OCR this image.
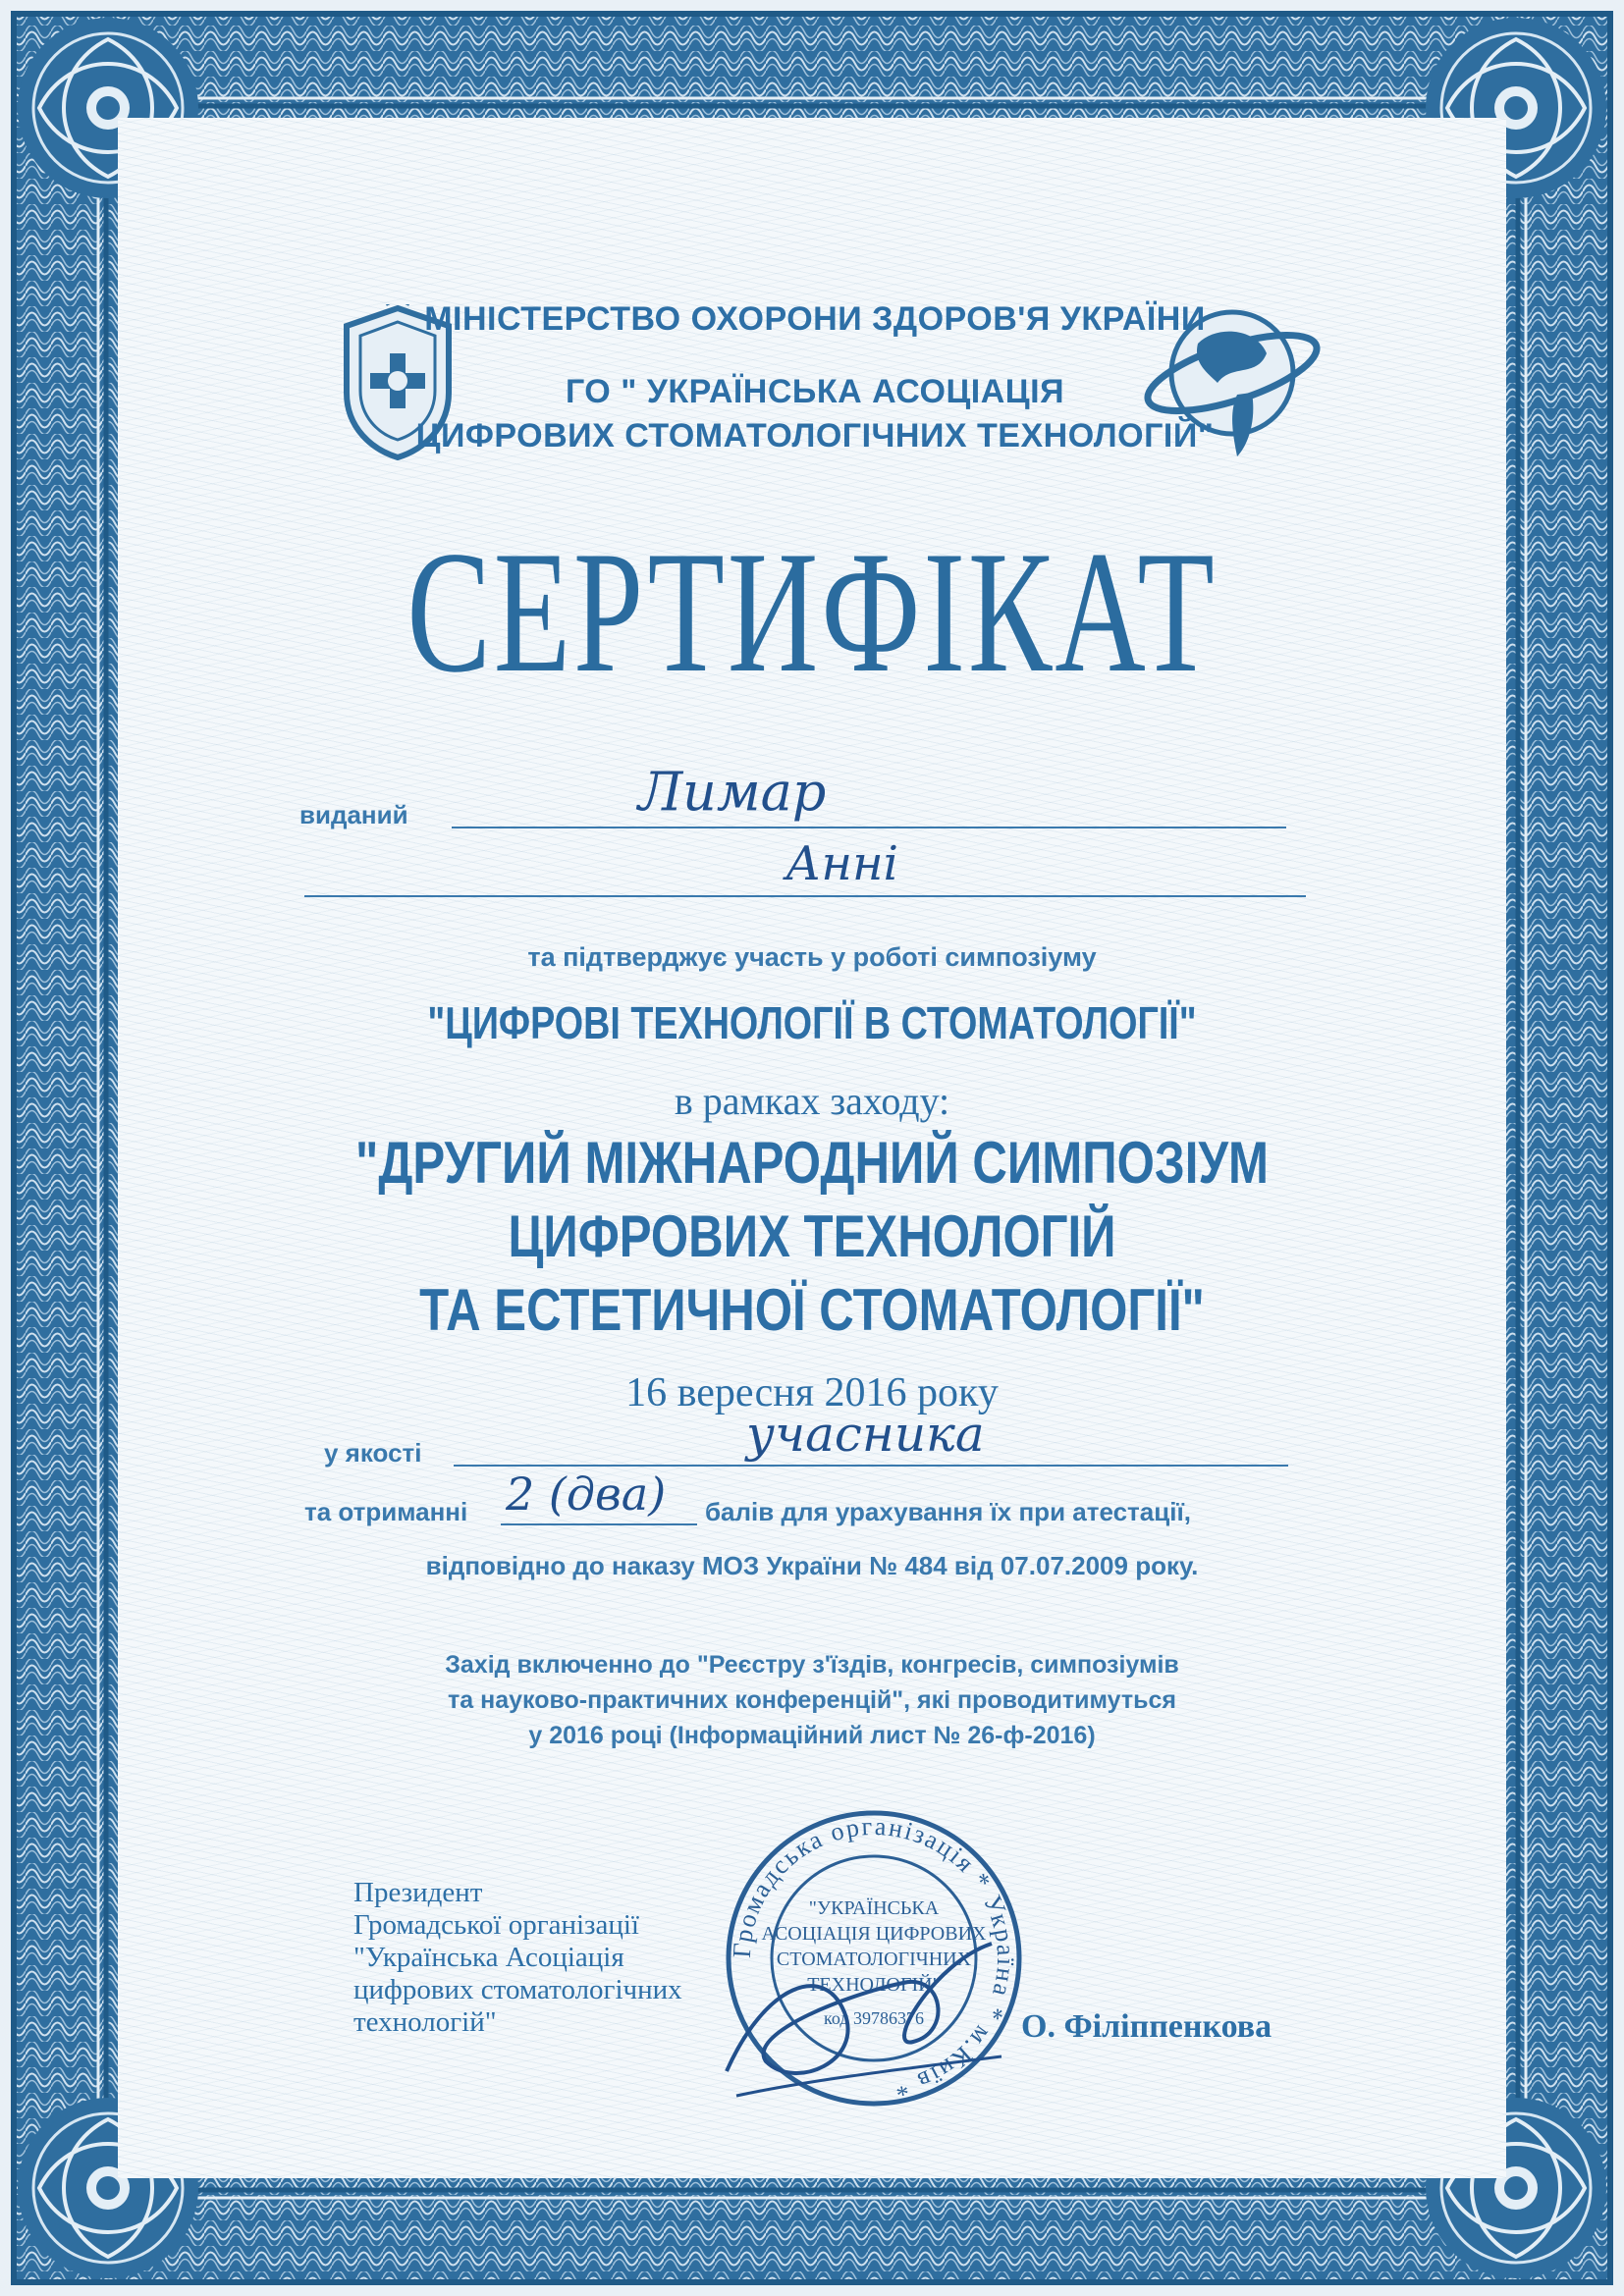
МІНІСТЕРСТВО ОХОРОНИ ЗДОРОВ'Я УКРАЇНИ
ГО " УКРАЇНСЬКА АСОЦІАЦІЯ
ЦИФРОВИХ СТОМАТОЛОГІЧНИХ ТЕХНОЛОГІЙ"
СЕРТИФІКАТ
виданий	Лимар
Анні
та підтверджує участь у роботі симпозіуму
"ЦИФРОВІ ТЕХНОЛОГІЇ В СТОМАТОЛОГІЇ"
в рамках заходу:
"ДРУГИЙ МІЖНАРОДНИЙ СИМПОЗІУМ
ЦИФРОВИХ ТЕХНОЛОГІЙ
ТА ЕСТЕТИЧНОЇ СТОМАТОЛОГІЇ"
16 вересня 2016 року
у якості	учасника
та отриманні 2 (два) балів для урахування їх при атестації,
відповідно до наказу МОЗ України № 484 від 07.07.2009 року.
Захід включенно до "Реєстру з'їздів, конгресів, симпозіумів
та науково-практичних конференцій", які проводитимуться
у 2016 році (Інформаційний лист № 26-ф-2016)
Президент
Громадської організації
"Українська Асоціація
цифрових стоматологічних
технологій"
Громадська організація * Україна * м.Київ *
"УКРАЇНСЬКА
АСОЦІАЦІЯ ЦИФРОВИХ
СТОМАТОЛОГІЧНИХ
ТЕХНОЛОГІЙ"
код 39786376	О. Філіппенкова
